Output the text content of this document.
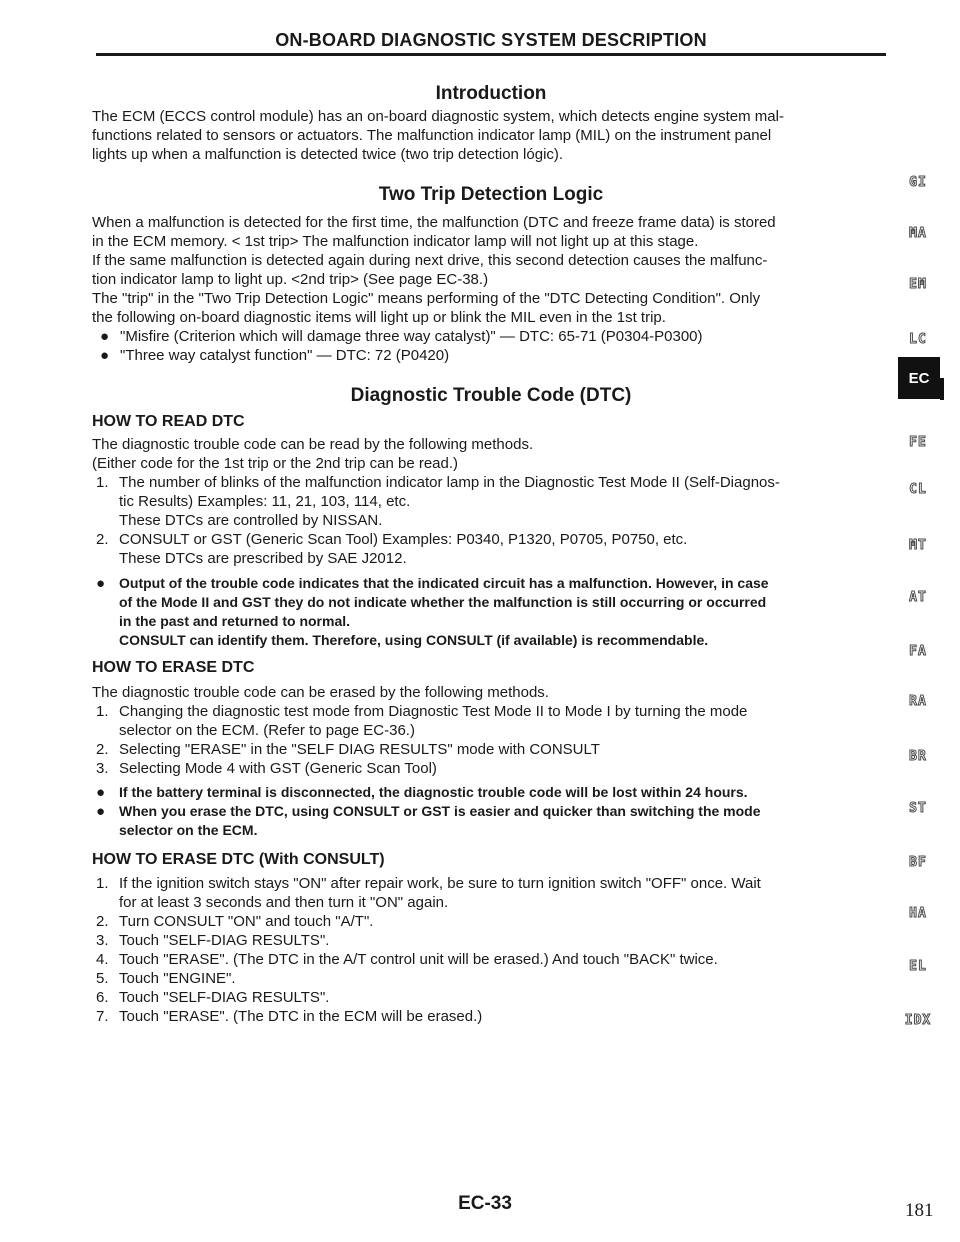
ON-BOARD DIAGNOSTIC SYSTEM DESCRIPTION
Introduction
The ECM (ECCS control module) has an on-board diagnostic system, which detects engine system mal-
functions related to sensors or actuators. The malfunction indicator lamp (MIL) on the instrument panel
lights up when a malfunction is detected twice (two trip detection lógic).
Two Trip Detection Logic
When a malfunction is detected for the first time, the malfunction (DTC and freeze frame data) is stored
in the ECM memory. < 1st trip> The malfunction indicator lamp will not light up at this stage.
If the same malfunction is detected again during next drive, this second detection causes the malfunc-
tion indicator lamp to light up. <2nd trip> (See page EC-38.)
The "trip" in the "Two Trip Detection Logic" means performing of the "DTC Detecting Condition". Only
the following on-board diagnostic items will light up or blink the MIL even in the 1st trip.
● "Misfire (Criterion which will damage three way catalyst)" — DTC: 65-71 (P0304-P0300)
● "Three way catalyst function" — DTC: 72 (P0420)
Diagnostic Trouble Code (DTC)
HOW TO READ DTC
The diagnostic trouble code can be read by the following methods.
(Either code for the 1st trip or the 2nd trip can be read.)
1. The number of blinks of the malfunction indicator lamp in the Diagnostic Test Mode II (Self-Diagnos-
tic Results) Examples: 11, 21, 103, 114, etc.
These DTCs are controlled by NISSAN.
2. CONSULT or GST (Generic Scan Tool) Examples: P0340, P1320, P0705, P0750, etc.
These DTCs are prescribed by SAE J2012.
● Output of the trouble code indicates that the indicated circuit has a malfunction. However, in case
of the Mode II and GST they do not indicate whether the malfunction is still occurring or occurred
in the past and returned to normal.
CONSULT can identify them. Therefore, using CONSULT (if available) is recommendable.
HOW TO ERASE DTC
The diagnostic trouble code can be erased by the following methods.
1. Changing the diagnostic test mode from Diagnostic Test Mode II to Mode I by turning the mode
selector on the ECM. (Refer to page EC-36.)
2. Selecting "ERASE" in the "SELF DIAG RESULTS" mode with CONSULT
3. Selecting Mode 4 with GST (Generic Scan Tool)
● If the battery terminal is disconnected, the diagnostic trouble code will be lost within 24 hours.
● When you erase the DTC, using CONSULT or GST is easier and quicker than switching the mode
selector on the ECM.
HOW TO ERASE DTC (With CONSULT)
1. If the ignition switch stays "ON" after repair work, be sure to turn ignition switch "OFF" once. Wait
for at least 3 seconds and then turn it "ON" again.
2. Turn CONSULT "ON" and touch "A/T".
3. Touch "SELF-DIAG RESULTS".
4. Touch "ERASE". (The DTC in the A/T control unit will be erased.) And touch "BACK" twice.
5. Touch "ENGINE".
6. Touch "SELF-DIAG RESULTS".
7. Touch "ERASE". (The DTC in the ECM will be erased.)
GI
MA
EM
LC
EC
FE
CL
MT
AT
FA
RA
BR
ST
BF
HA
EL
IDX
EC-33	181
